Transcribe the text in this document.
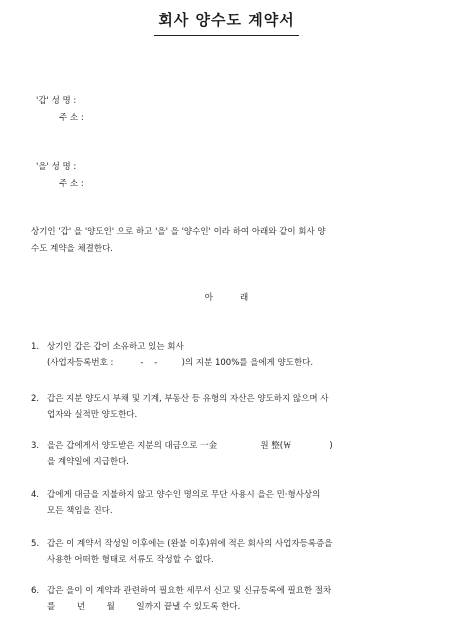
회사 양수도 계약서
'갑' 성 명 :
주 소 :
'을' 성 명 :
주 소 :
상기인 '갑' 을 '양도인' 으로 하고 '을' 을 '양수인' 이라 하여 아래와 같이 회사 양
수도 계약을 체결한다.
아          래
1. 상기인 갑은 갑이 소유하고 있는 회사
(사업자등록번호 :          -    -         )의 지분 100%를 을에게 양도한다.
2. 갑은 지분 양도시 부채 및 기계, 부동산 등 유형의 자산은 양도하지 않으며 사
업자와 실적만 양도한다.
3. 을은 갑에게서 양도받은 지분의 대금으로 一金                원 整(￦              )
을 계약일에 지급한다.
4. 갑에게 대금을 지불하지 않고 양수인 명의로 무단 사용시 을은 민·형사상의
모든 책임을 진다.
5. 갑은 이 계약서 작성일 이후에는 (완불 이후)위에 적은 회사의 사업자등록증을
사용한 어떠한 형태로 서류도 작성할 수 없다.
6. 갑은 을이 이 계약과 관련하여 필요한 세무서 신고 및 신규등록에 필요한 절차
를        년        월        일까지 끝낼 수 있도록 한다.
